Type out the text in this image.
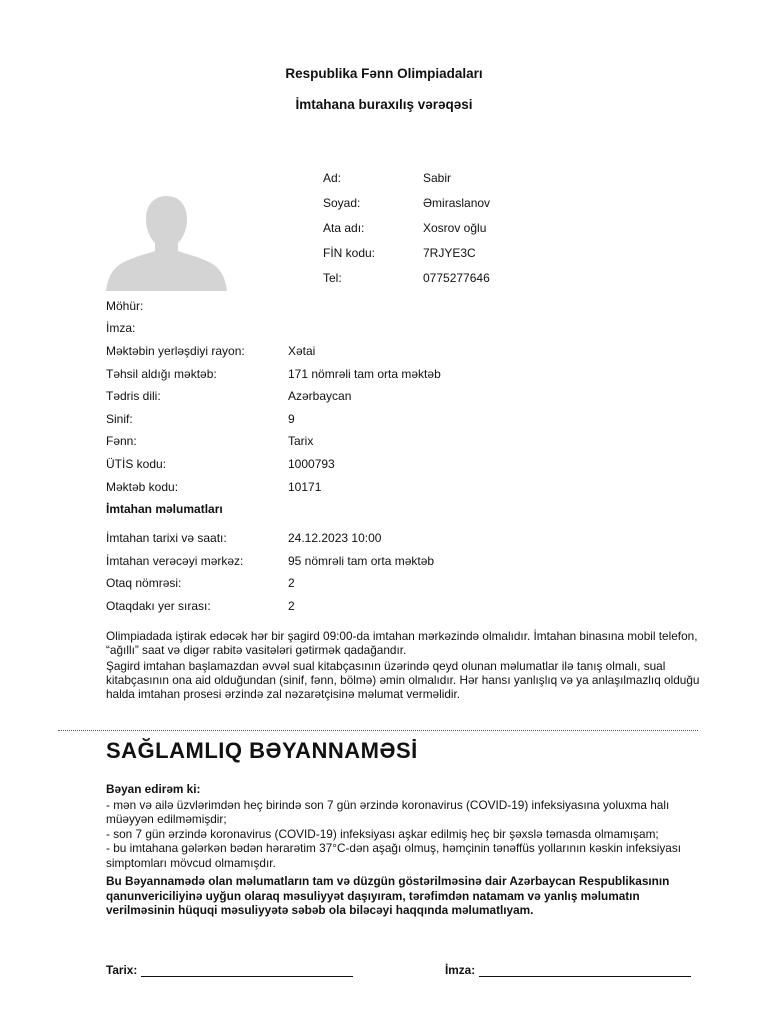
Respublika Fənn Olimpiadaları
İmtahana buraxılış vərəqəsi
Ad:	Sabir
Soyad:	Əmiraslanov
Ata adı:	Xosrov oğlu
FİN kodu:	7RJYE3C
Tel:	0775277646
Möhür:
İmza:
Məktəbin yerləşdiyi rayon:	Xətai
Təhsil aldığı məktəb:	171 nömrəli tam orta məktəb
Tədris dili:	Azərbaycan
Sinif:	9
Fənn:	Tarix
ÜTİS kodu:	1000793
Məktəb kodu:	10171
İmtahan məlumatları
İmtahan tarixi və saatı:	24.12.2023 10:00
İmtahan verəcəyi mərkəz:	95 nömrəli tam orta məktəb
Otaq nömrəsi:	2
Otaqdakı yer sırası:	2

Olimpiadada iştirak edəcək hər bir şagird 09:00-da imtahan mərkəzində olmalıdır. İmtahan binasına mobil telefon, “ağıllı” saat və digər rabitə vasitələri gətirmək qadağandır.

Şagird imtahan başlamazdan əvvəl sual kitabçasının üzərində qeyd olunan məlumatlar ilə tanış olmalı, sual kitabçasının ona aid olduğundan (sinif, fənn, bölmə) əmin olmalıdır. Hər hansı yanlışlıq və ya anlaşılmazlıq olduğu halda imtahan prosesi ərzində zal nəzarətçisinə məlumat verməlidir.

SAĞLAMLIQ BƏYANNAMƏSİ

Bəyan edirəm ki:

- mən və ailə üzvlərimdən heç birində son 7 gün ərzində koronavirus (COVID-19) infeksiyasına yoluxma halı müəyyən edilməmişdir;

- son 7 gün ərzində koronavirus (COVID-19) infeksiyası aşkar edilmiş heç bir şəxslə təmasda olmamışam;

- bu imtahana gələrkən bədən hərarətim 37°C-dən aşağı olmuş, həmçinin tənəffüs yollarının kəskin infeksiyası simptomları mövcud olmamışdır.

Bu Bəyannamədə olan məlumatların tam və düzgün göstərilməsinə dair Azərbaycan Respublikasının qanunvericiliyinə uyğun olaraq məsuliyyət daşıyıram, tərəfimdən natamam və yanlış məlumatın verilməsinin hüquqi məsuliyyətə səbəb ola biləcəyi haqqında məlumatlıyam.

Tarix:	İmza:
